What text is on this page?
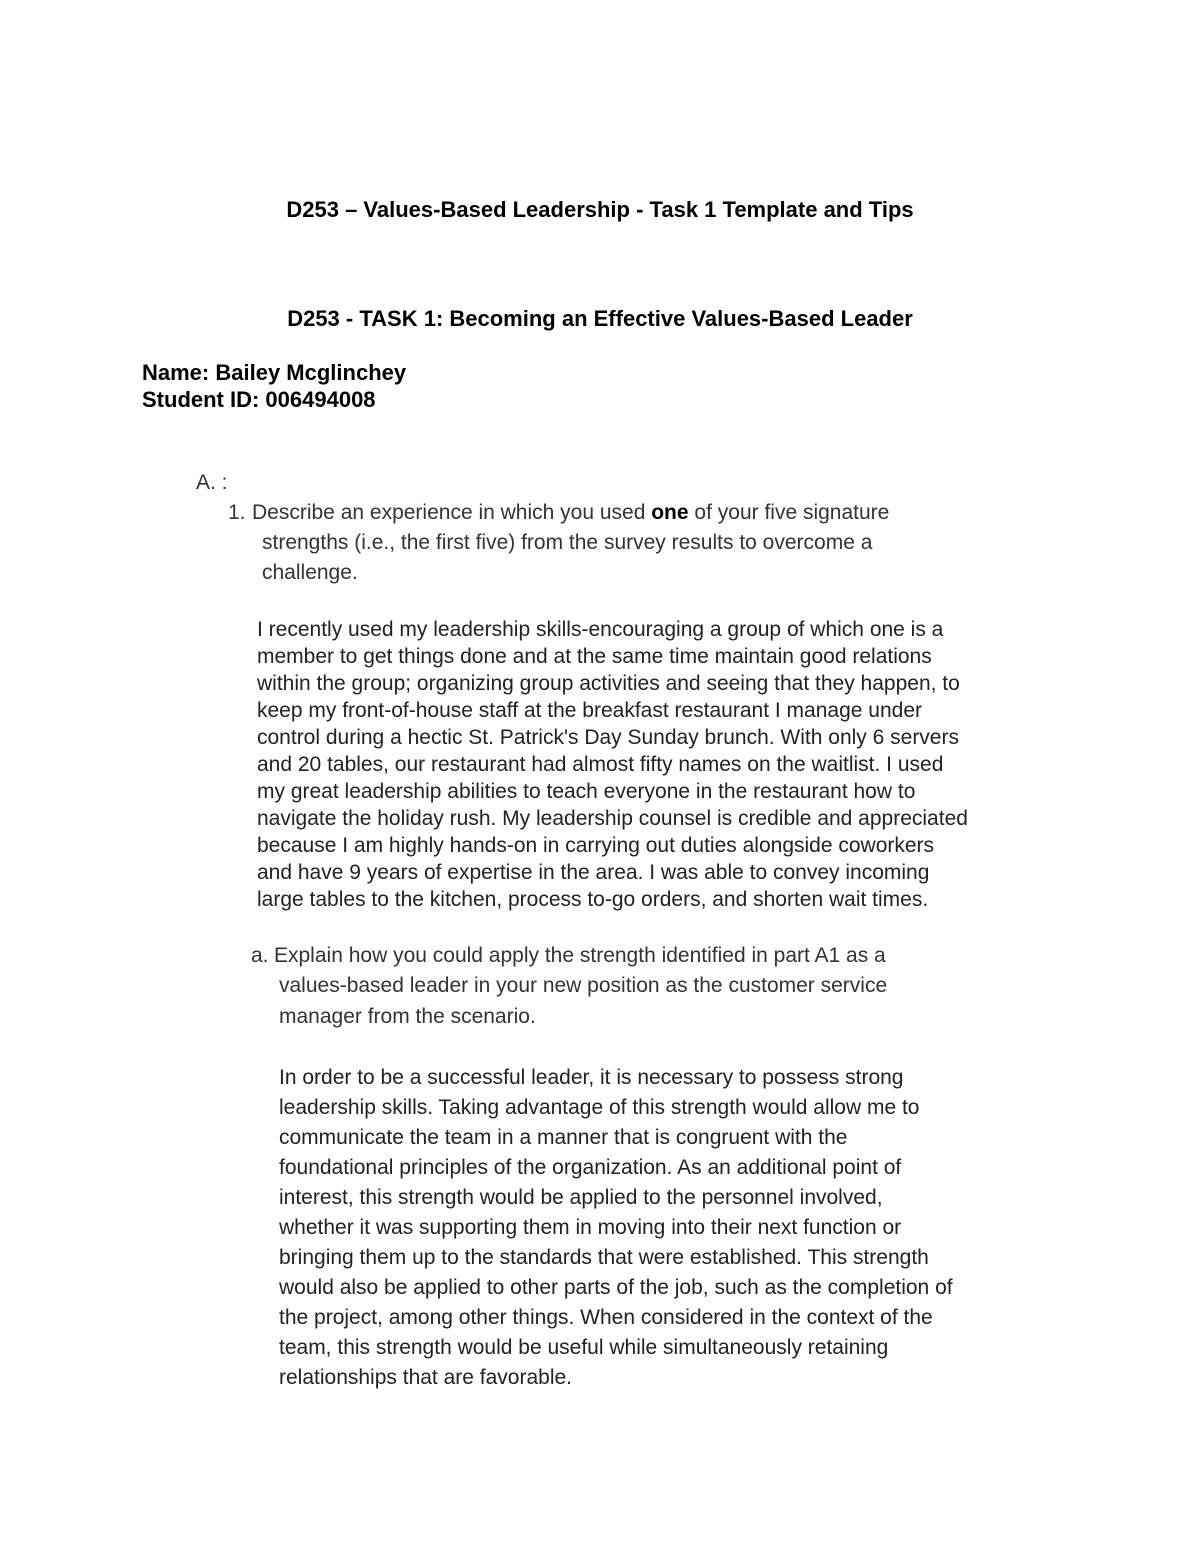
D253 – Values-Based Leadership - Task 1 Template and Tips
D253 - TASK 1: Becoming an Effective Values-Based Leader
Name: Bailey Mcglinchey
Student ID: 006494008
A. :
1. Describe an experience in which you used one of your five signature
strengths (i.e., the first five) from the survey results to overcome a
challenge.
I recently used my leadership skills-encouraging a group of which one is a
member to get things done and at the same time maintain good relations
within the group; organizing group activities and seeing that they happen, to
keep my front-of-house staff at the breakfast restaurant I manage under
control during a hectic St. Patrick's Day Sunday brunch. With only 6 servers
and 20 tables, our restaurant had almost fifty names on the waitlist. I used
my great leadership abilities to teach everyone in the restaurant how to
navigate the holiday rush. My leadership counsel is credible and appreciated
because I am highly hands-on in carrying out duties alongside coworkers
and have 9 years of expertise in the area. I was able to convey incoming
large tables to the kitchen, process to-go orders, and shorten wait times.
a. Explain how you could apply the strength identified in part A1 as a
values-based leader in your new position as the customer service
manager from the scenario.
In order to be a successful leader, it is necessary to possess strong
leadership skills. Taking advantage of this strength would allow me to
communicate the team in a manner that is congruent with the
foundational principles of the organization. As an additional point of
interest, this strength would be applied to the personnel involved,
whether it was supporting them in moving into their next function or
bringing them up to the standards that were established. This strength
would also be applied to other parts of the job, such as the completion of
the project, among other things. When considered in the context of the
team, this strength would be useful while simultaneously retaining
relationships that are favorable.
